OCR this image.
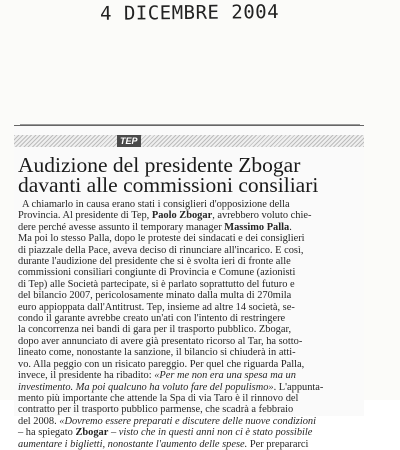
4 DICEMBRE 2004
TEP
Audizione del presidente Zbogar
davanti alle commissioni consiliari
A chiamarlo in causa erano stati i consiglieri d'opposizione della
Provincia. Al presidente di Tep, Paolo Zbogar, avrebbero voluto chie-
dere perché avesse assunto il temporary manager Massimo Palla.
Ma poi lo stesso Palla, dopo le proteste dei sindacati e dei consiglieri
di piazzale della Pace, aveva deciso di rinunciare all'incarico. E così,
durante l'audizione del presidente che si è svolta ieri di fronte alle
commissioni consiliari congiunte di Provincia e Comune (azionisti
di Tep) alle Società partecipate, si è parlato soprattutto del futuro e
del bilancio 2007, pericolosamente minato dalla multa di 270mila
euro appioppata dall'Antitrust. Tep, insieme ad altre 14 società, se-
condo il garante avrebbe creato un'ati con l'intento di restringere
la concorrenza nei bandi di gara per il trasporto pubblico. Zbogar,
dopo aver annunciato di avere già presentato ricorso al Tar, ha sotto-
lineato come, nonostante la sanzione, il bilancio si chiuderà in atti-
vo. Alla peggio con un risicato pareggio. Per quel che riguarda Palla,
invece, il presidente ha ribadito: «Per me non era una spesa ma un
investimento. Ma poi qualcuno ha voluto fare del populismo». L'appunta-
mento più importante che attende la Spa di via Taro è il rinnovo del
contratto per il trasporto pubblico parmense, che scadrà a febbraio
del 2008. «Dovremo essere preparati e discutere delle nuove condizioni
– ha spiegato Zbogar – visto che in questi anni non ci è stato possibile
aumentare i biglietti, nonostante l'aumento delle spese. Per prepararci
